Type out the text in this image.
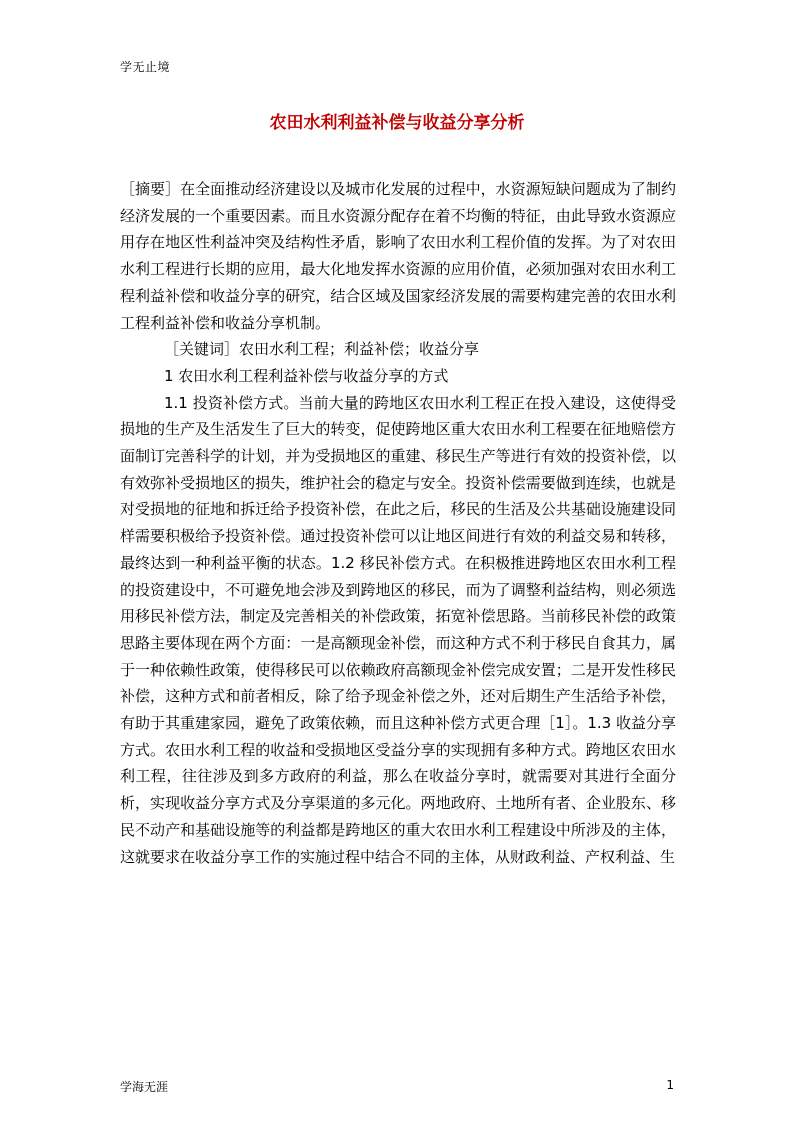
学无止境
农田水利利益补偿与收益分享分析

［摘要］在全面推动经济建设以及城市化发展的过程中，水资源短缺问题成为了制约经济发展的一个重要因素。而且水资源分配存在着不均衡的特征，由此导致水资源应用存在地区性利益冲突及结构性矛盾，影响了农田水利工程价值的发挥。为了对农田水利工程进行长期的应用，最大化地发挥水资源的应用价值，必须加强对农田水利工程利益补偿和收益分享的研究，结合区域及国家经济发展的需要构建完善的农田水利工程利益补偿和收益分享机制。

［关键词］农田水利工程；利益补偿；收益分享

1 农田水利工程利益补偿与收益分享的方式

1.1 投资补偿方式。当前大量的跨地区农田水利工程正在投入建设，这使得受损地的生产及生活发生了巨大的转变，促使跨地区重大农田水利工程要在征地赔偿方面制订完善科学的计划，并为受损地区的重建、移民生产等进行有效的投资补偿，以有效弥补受损地区的损失，维护社会的稳定与安全。投资补偿需要做到连续，也就是对受损地的征地和拆迁给予投资补偿，在此之后，移民的生活及公共基础设施建设同样需要积极给予投资补偿。通过投资补偿可以让地区间进行有效的利益交易和转移，最终达到一种利益平衡的状态。1.2 移民补偿方式。在积极推进跨地区农田水利工程的投资建设中，不可避免地会涉及到跨地区的移民，而为了调整利益结构，则必须选用移民补偿方法，制定及完善相关的补偿政策，拓宽补偿思路。当前移民补偿的政策思路主要体现在两个方面：一是高额现金补偿，而这种方式不利于移民自食其力，属于一种依赖性政策，使得移民可以依赖政府高额现金补偿完成安置；二是开发性移民补偿，这种方式和前者相反，除了给予现金补偿之外，还对后期生产生活给予补偿，有助于其重建家园，避免了政策依赖，而且这种补偿方式更合理［1］。1.3 收益分享方式。农田水利工程的收益和受损地区受益分享的实现拥有多种方式。跨地区农田水利工程，往往涉及到多方政府的利益，那么在收益分享时，就需要对其进行全面分析，实现收益分享方式及分享渠道的多元化。两地政府、土地所有者、企业股东、移民不动产和基础设施等的利益都是跨地区的重大农田水利工程建设中所涉及的主体，这就要求在收益分享工作的实施过程中结合不同的主体，从财政利益、产权利益、生

学海无涯	1
